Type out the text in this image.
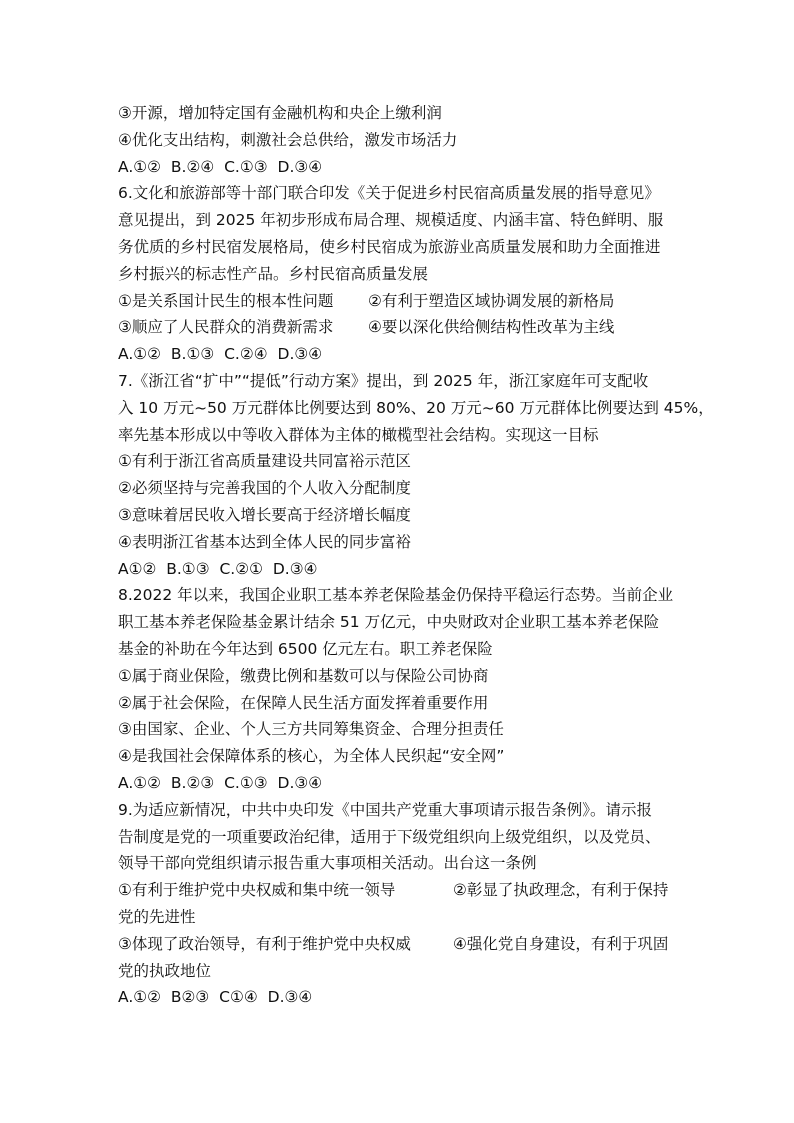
③开源，增加特定国有金融机构和央企上缴利润
④优化支出结构，刺激社会总供给，激发市场活力
A.①②  B.②④  C.①③  D.③④
6.文化和旅游部等十部门联合印发《关于促进乡村民宿高质量发展的指导意见》
意见提出，到 2025 年初步形成布局合理、规模适度、内涵丰富、特色鲜明、服
务优质的乡村民宿发展格局，使乡村民宿成为旅游业高质量发展和助力全面推进
乡村振兴的标志性产品。乡村民宿高质量发展
①是关系国计民生的根本性问题	②有利于塑造区域协调发展的新格局
③顺应了人民群众的消费新需求	④要以深化供给侧结构性改革为主线
A.①②  B.①③  C.②④  D.③④
7.《浙江省“扩中”“提低”行动方案》提出，到 2025 年，浙江家庭年可支配收
入 10 万元~50 万元群体比例要达到 80%、20 万元~60 万元群体比例要达到 45%，
率先基本形成以中等收入群体为主体的橄榄型社会结构。实现这一目标
①有利于浙江省高质量建设共同富裕示范区
②必须坚持与完善我国的个人收入分配制度
③意味着居民收入增长要高于经济增长幅度
④表明浙江省基本达到全体人民的同步富裕
A①②  B.①③  C.②①  D.③④
8.2022 年以来，我国企业职工基本养老保险基金仍保持平稳运行态势。当前企业
职工基本养老保险基金累计结余 51 万亿元，中央财政对企业职工基本养老保险
基金的补助在今年达到 6500 亿元左右。职工养老保险
①属于商业保险，缴费比例和基数可以与保险公司协商
②属于社会保险，在保障人民生活方面发挥着重要作用
③由国家、企业、个人三方共同筹集资金、合理分担责任
④是我国社会保障体系的核心，为全体人民织起“安全网”
A.①②  B.②③  C.①③  D.③④
9.为适应新情况，中共中央印发《中国共产党重大事项请示报告条例》。请示报
告制度是党的一项重要政治纪律，适用于下级党组织向上级党组织，以及党员、
领导干部向党组织请示报告重大事项相关活动。出台这一条例
①有利于维护党中央权威和集中统一领导	②彰显了执政理念，有利于保持
党的先进性
③体现了政治领导，有利于维护党中央权威	④强化党自身建设，有利于巩固
党的执政地位
A.①②  B②③  C①④  D.③④
